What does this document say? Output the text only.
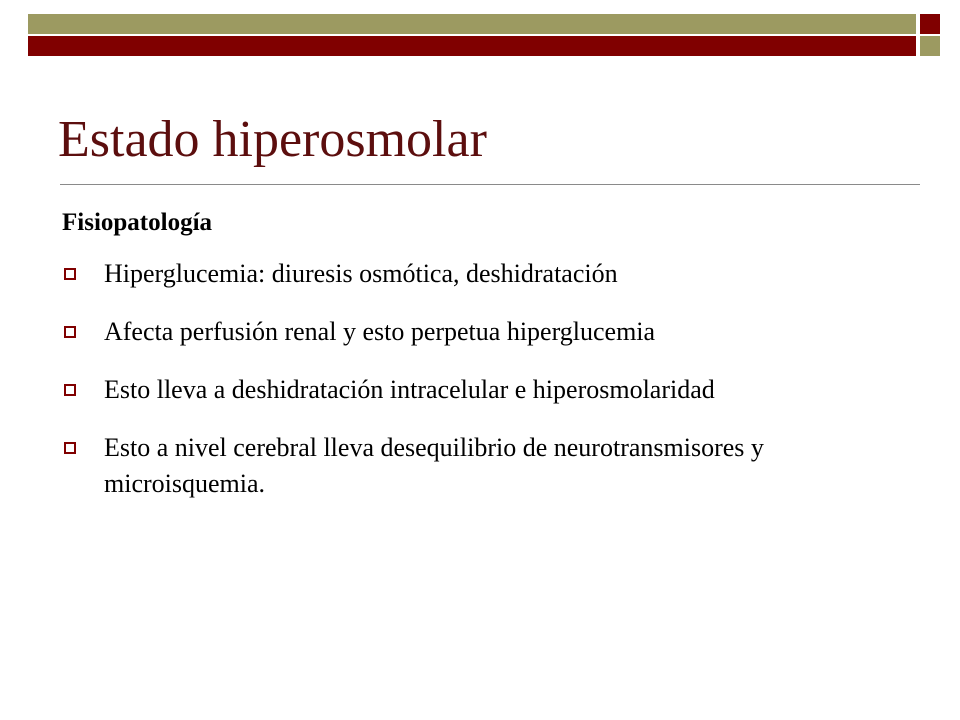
Estado hiperosmolar
Fisiopatología
Hiperglucemia: diuresis osmótica, deshidratación
Afecta perfusión renal y esto perpetua hiperglucemia
Esto lleva a deshidratación intracelular e hiperosmolaridad
Esto a nivel cerebral lleva desequilibrio de neurotransmisores y microisquemia.
